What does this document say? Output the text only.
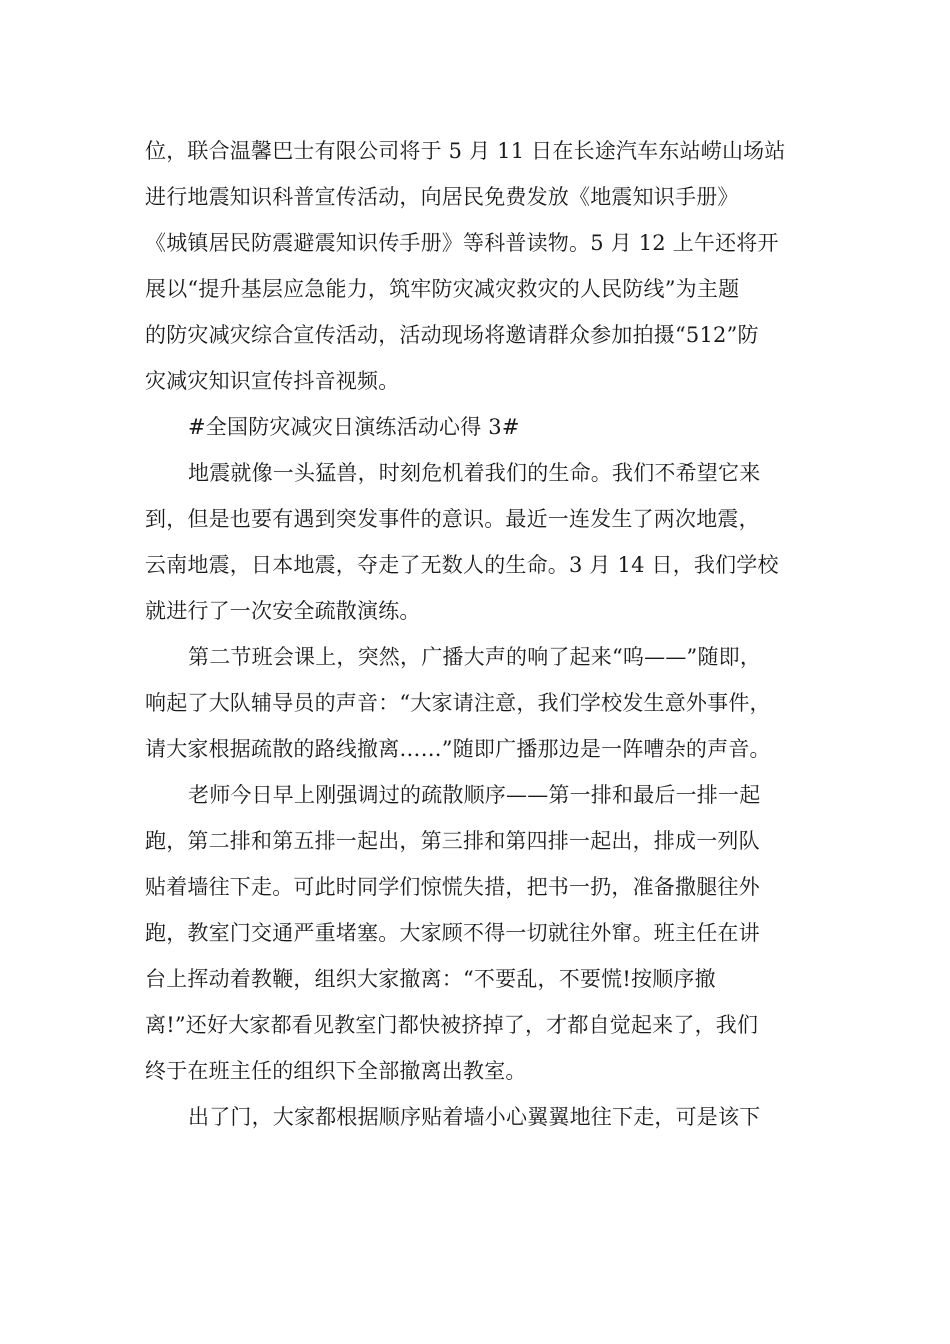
位，联合温馨巴士有限公司将于 5 月 11 日在长途汽车东站崂山场站
进行地震知识科普宣传活动，向居民免费发放《地震知识手册》
《城镇居民防震避震知识传手册》等科普读物。5 月 12 上午还将开
展以“提升基层应急能力，筑牢防灾减灾救灾的人民防线”为主题
的防灾减灾综合宣传活动，活动现场将邀请群众参加拍摄“512”防
灾减灾知识宣传抖音视频。
#全国防灾减灾日演练活动心得 3#
地震就像一头猛兽，时刻危机着我们的生命。我们不希望它来
到，但是也要有遇到突发事件的意识。最近一连发生了两次地震，
云南地震，日本地震，夺走了无数人的生命。3 月 14 日，我们学校
就进行了一次安全疏散演练。
第二节班会课上，突然，广播大声的响了起来“呜——”随即，
响起了大队辅导员的声音：“大家请注意，我们学校发生意外事件，
请大家根据疏散的路线撤离……”随即广播那边是一阵嘈杂的声音。
老师今日早上刚强调过的疏散顺序——第一排和最后一排一起
跑，第二排和第五排一起出，第三排和第四排一起出，排成一列队
贴着墙往下走。可此时同学们惊慌失措，把书一扔，准备撒腿往外
跑，教室门交通严重堵塞。大家顾不得一切就往外窜。班主任在讲
台上挥动着教鞭，组织大家撤离：“不要乱，不要慌!按顺序撤
离!”还好大家都看见教室门都快被挤掉了，才都自觉起来了，我们
终于在班主任的组织下全部撤离出教室。
出了门，大家都根据顺序贴着墙小心翼翼地往下走，可是该下
